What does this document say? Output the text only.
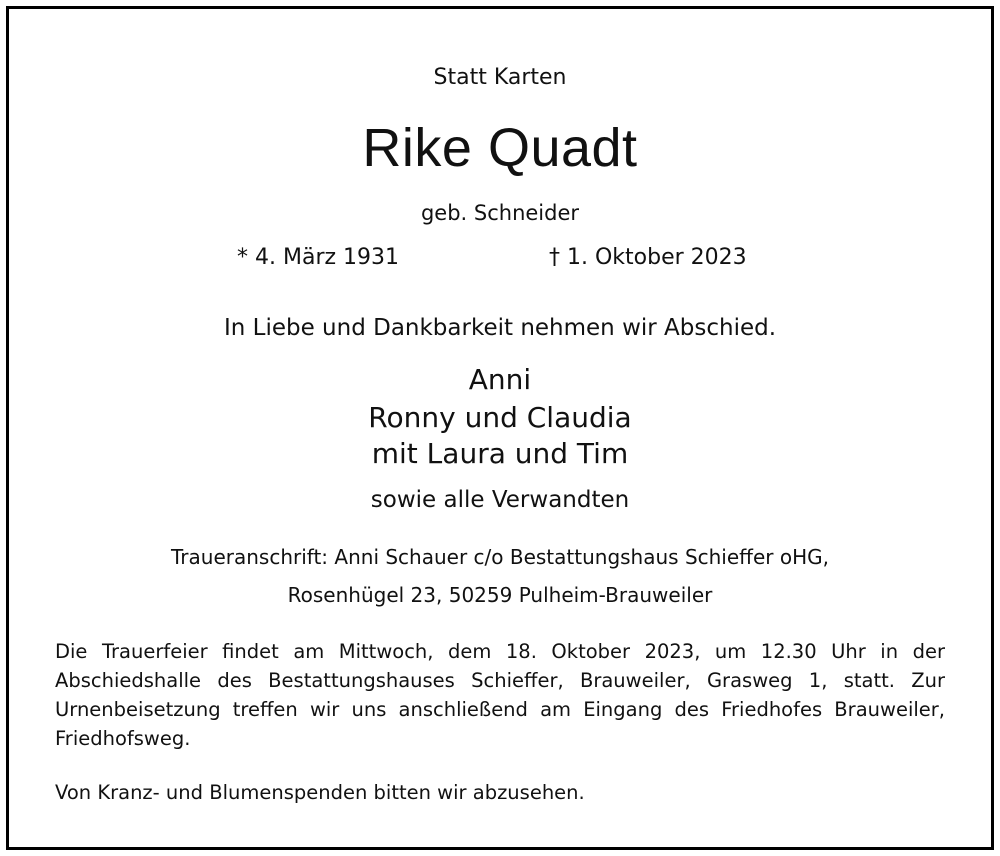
Statt Karten
Rike Quadt
geb. Schneider
* 4. März 1931	† 1. Oktober 2023
In Liebe und Dankbarkeit nehmen wir Abschied.
Anni
Ronny und Claudia
mit Laura und Tim
sowie alle Verwandten
Traueranschrift: Anni Schauer c/o Bestattungshaus Schieffer oHG,
Rosenhügel 23, 50259 Pulheim-Brauweiler
Die Trauerfeier findet am Mittwoch, dem 18. Oktober 2023, um 12.30 Uhr in der Abschiedshalle des Bestattungshauses Schieffer, Brauweiler, Grasweg 1, statt. Zur Urnenbeisetzung treffen wir uns anschließend am Eingang des Friedhofes Brauweiler, Friedhofsweg.
Von Kranz- und Blumenspenden bitten wir abzusehen.
